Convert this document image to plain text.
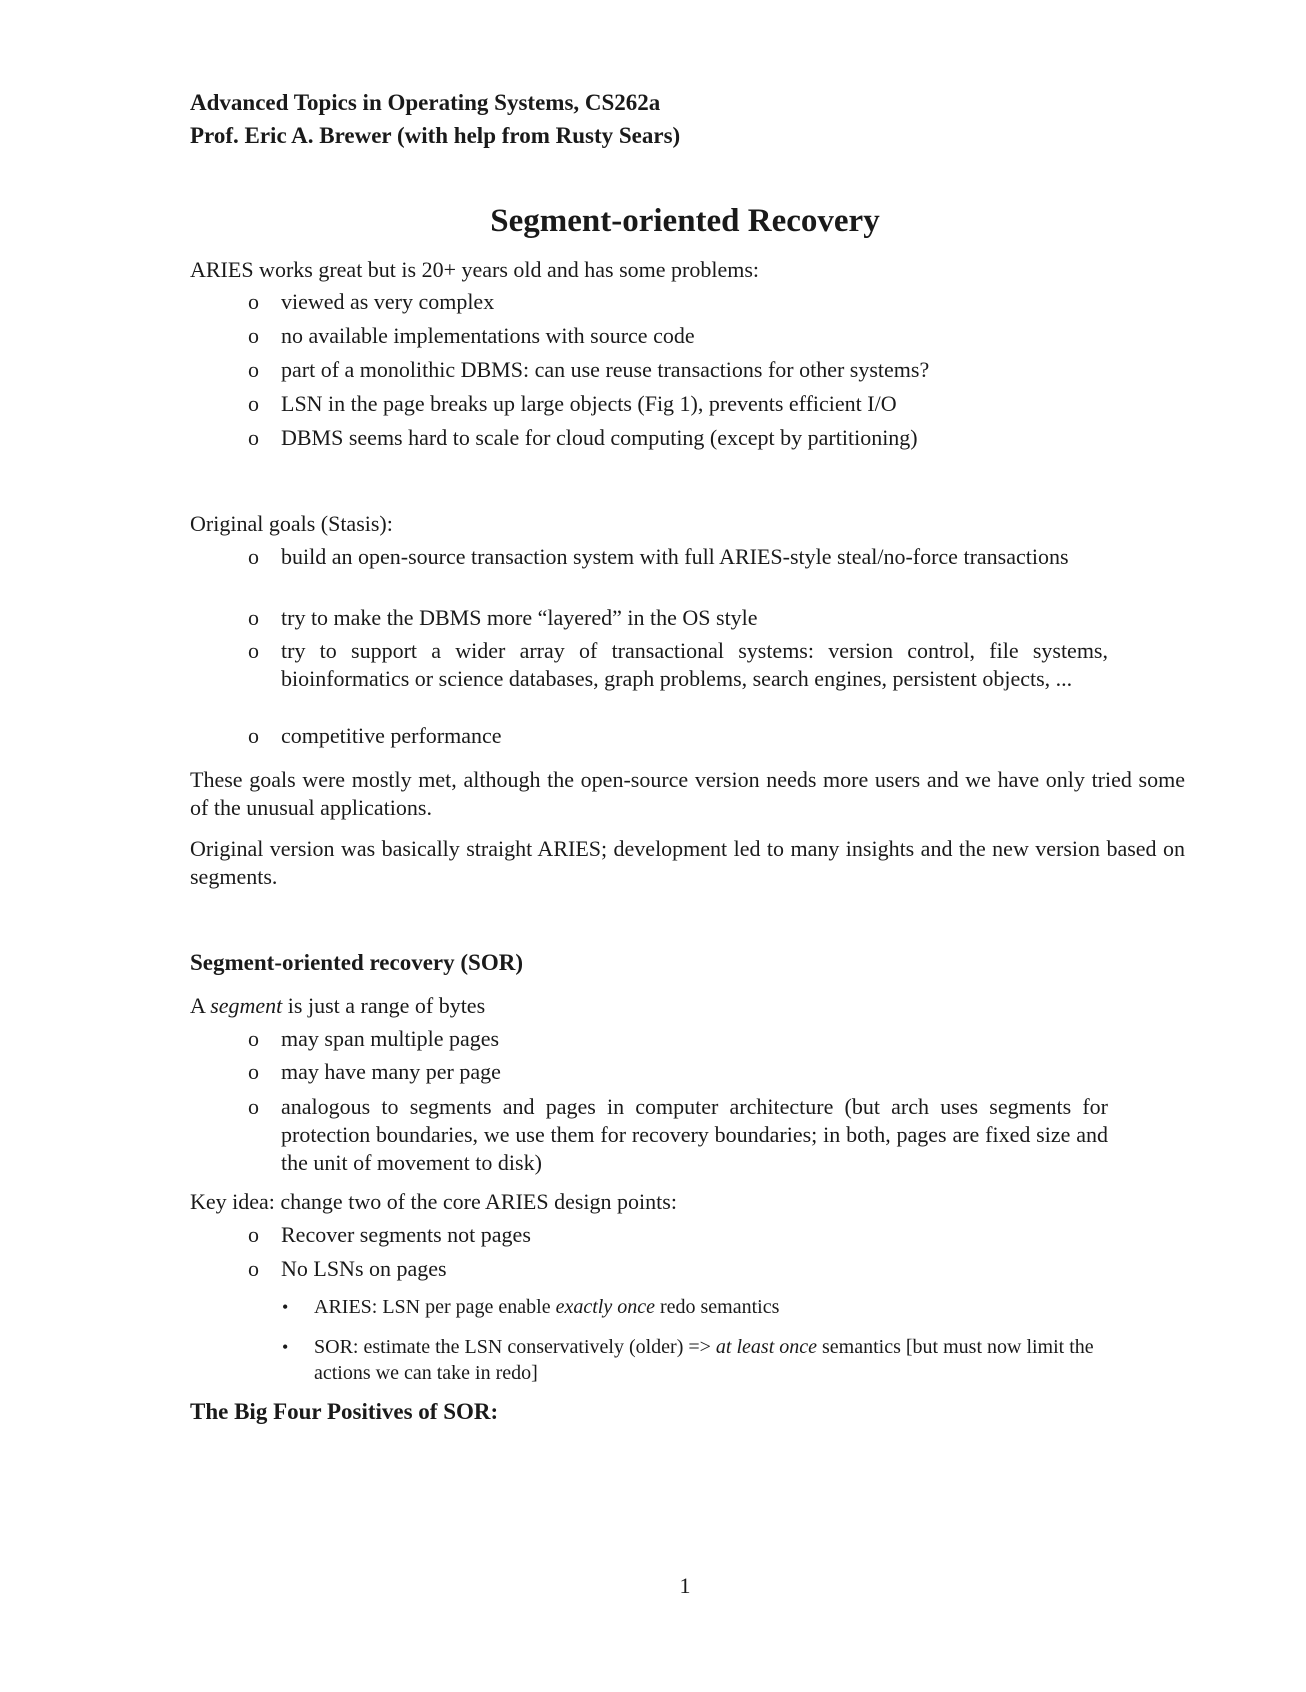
Advanced Topics in Operating Systems, CS262a
Prof. Eric A. Brewer (with help from Rusty Sears)
Segment-oriented Recovery
ARIES works great but is 20+ years old and has some problems:
o viewed as very complex
o no available implementations with source code
o part of a monolithic DBMS: can use reuse transactions for other systems?
o LSN in the page breaks up large objects (Fig 1), prevents efficient I/O
o DBMS seems hard to scale for cloud computing (except by partitioning)
Original goals (Stasis):
o build an open-source transaction system with full ARIES-style steal/no-force transactions
o try to make the DBMS more “layered” in the OS style
o try to support a wider array of transactional systems: version control, file systems, bioinformatics or science databases, graph problems, search engines, persistent objects, ...
o competitive performance
These goals were mostly met, although the open-source version needs more users and we have only tried some of the unusual applications.
Original version was basically straight ARIES; development led to many insights and the new version based on segments.
Segment-oriented recovery (SOR)
A segment is just a range of bytes
o may span multiple pages
o may have many per page
o analogous to segments and pages in computer architecture (but arch uses segments for protection boundaries, we use them for recovery boundaries; in both, pages are fixed size and the unit of movement to disk)
Key idea: change two of the core ARIES design points:
o Recover segments not pages
o No LSNs on pages
• ARIES: LSN per page enable exactly once redo semantics
• SOR: estimate the LSN conservatively (older) => at least once semantics [but must now limit the actions we can take in redo]
The Big Four Positives of SOR:
1
